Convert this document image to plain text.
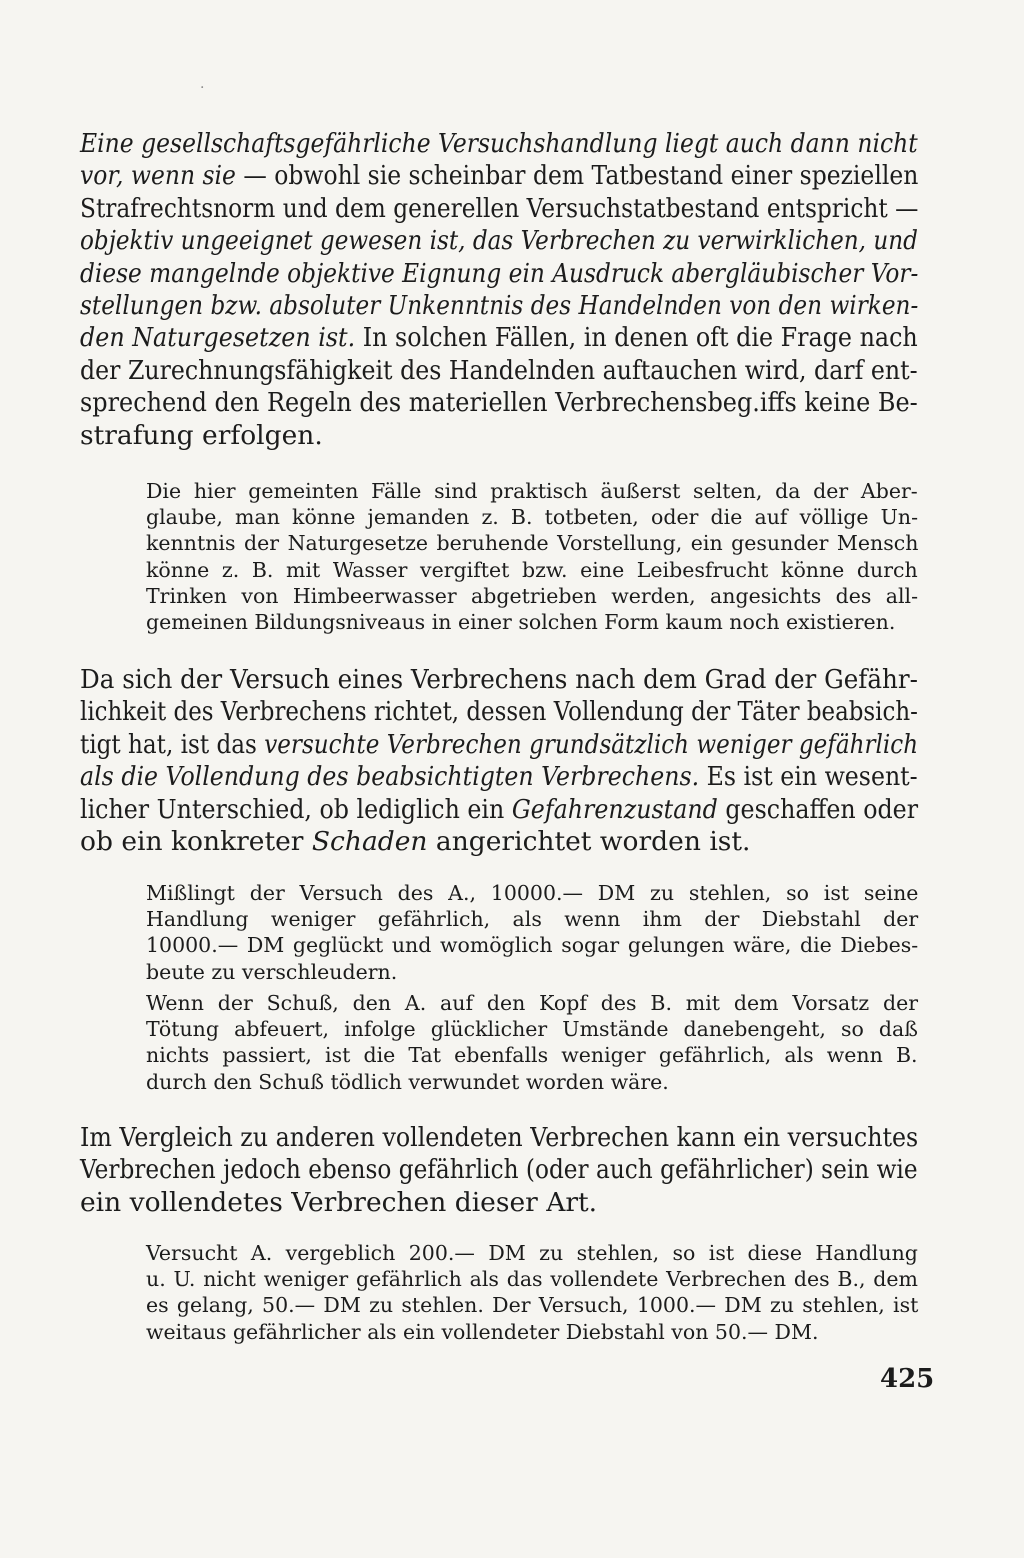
·
Eine gesellschaftsgefährliche Versuchshandlung liegt auch dann nicht
vor, wenn sie — obwohl sie scheinbar dem Tatbestand einer speziellen
Strafrechtsnorm und dem generellen Versuchstatbestand entspricht —
objektiv ungeeignet gewesen ist, das Verbrechen zu verwirklichen, und
diese mangelnde objektive Eignung ein Ausdruck abergläubischer Vor-
stellungen bzw. absoluter Unkenntnis des Handelnden von den wirken-
den Naturgesetzen ist. In solchen Fällen, in denen oft die Frage nach
der Zurechnungsfähigkeit des Handelnden auftauchen wird, darf ent-
sprechend den Regeln des materiellen Verbrechensbeg.iffs keine Be-
strafung erfolgen.
Die hier gemeinten Fälle sind praktisch äußerst selten, da der Aber-
glaube, man könne jemanden z. B. totbeten, oder die auf völlige Un-
kenntnis der Naturgesetze beruhende Vorstellung, ein gesunder Mensch
könne z. B. mit Wasser vergiftet bzw. eine Leibesfrucht könne durch
Trinken von Himbeerwasser abgetrieben werden, angesichts des all-
gemeinen Bildungsniveaus in einer solchen Form kaum noch existieren.
Da sich der Versuch eines Verbrechens nach dem Grad der Gefähr-
lichkeit des Verbrechens richtet, dessen Vollendung der Täter beabsich-
tigt hat, ist das versuchte Verbrechen grundsätzlich weniger gefährlich
als die Vollendung des beabsichtigten Verbrechens. Es ist ein wesent-
licher Unterschied, ob lediglich ein Gefahrenzustand geschaffen oder
ob ein konkreter Schaden angerichtet worden ist.
Mißlingt der Versuch des A., 10000.— DM zu stehlen, so ist seine
Handlung weniger gefährlich, als wenn ihm der Diebstahl der
10000.— DM geglückt und womöglich sogar gelungen wäre, die Diebes-
beute zu verschleudern.
Wenn der Schuß, den A. auf den Kopf des B. mit dem Vorsatz der
Tötung abfeuert, infolge glücklicher Umstände danebengeht, so daß
nichts passiert, ist die Tat ebenfalls weniger gefährlich, als wenn B.
durch den Schuß tödlich verwundet worden wäre.
Im Vergleich zu anderen vollendeten Verbrechen kann ein versuchtes
Verbrechen jedoch ebenso gefährlich (oder auch gefährlicher) sein wie
ein vollendetes Verbrechen dieser Art.
Versucht A. vergeblich 200.— DM zu stehlen, so ist diese Handlung
u. U. nicht weniger gefährlich als das vollendete Verbrechen des B., dem
es gelang, 50.— DM zu stehlen. Der Versuch, 1000.— DM zu stehlen, ist
weitaus gefährlicher als ein vollendeter Diebstahl von 50.— DM.
425
